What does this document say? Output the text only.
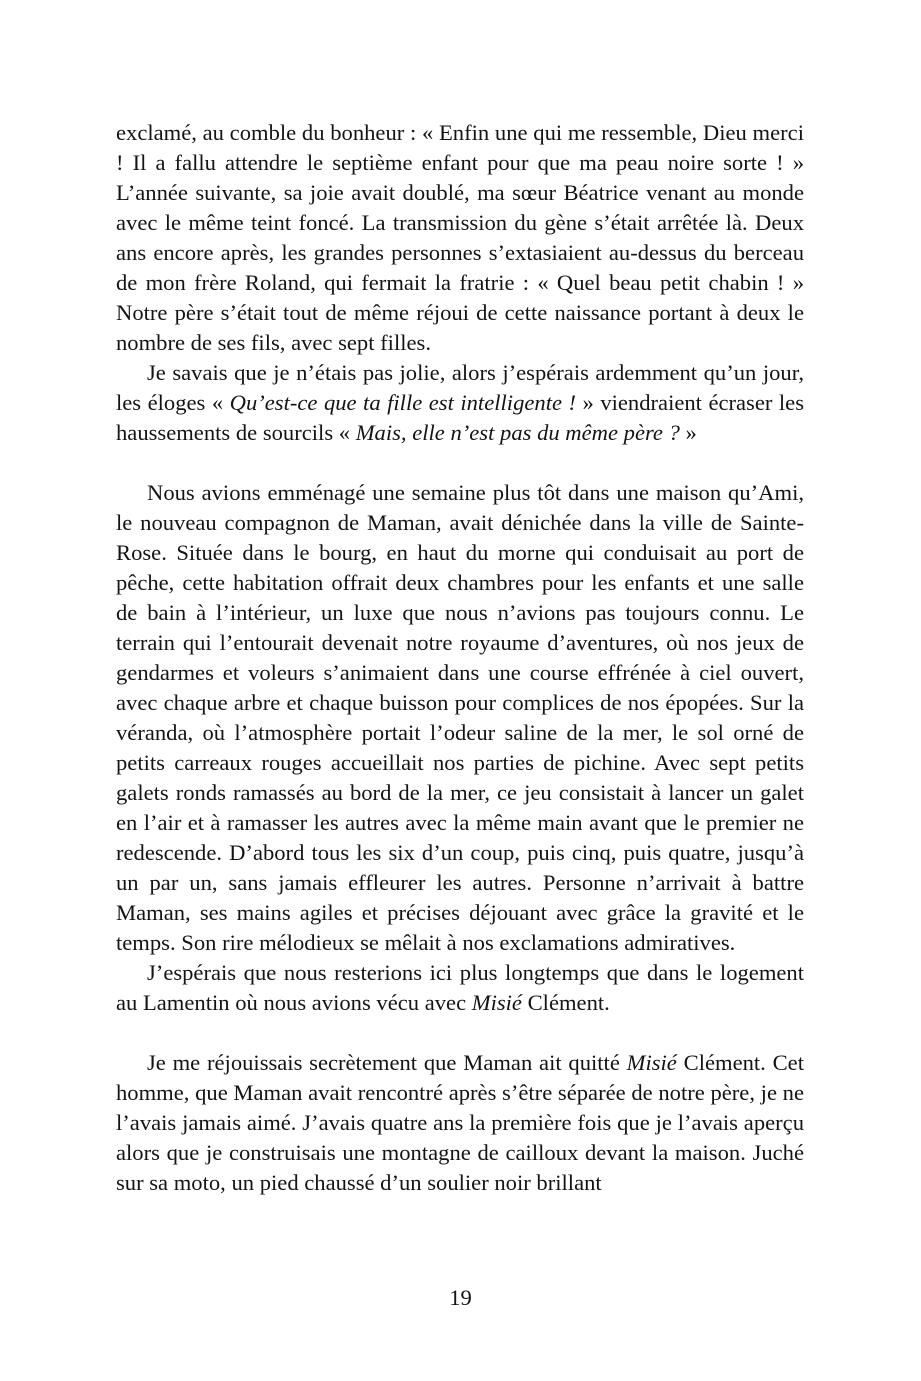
exclamé, au comble du bonheur : « Enfin une qui me ressemble, Dieu merci ! Il a fallu attendre le septième enfant pour que ma peau noire sorte ! » L’année suivante, sa joie avait doublé, ma sœur Béatrice venant au monde avec le même teint foncé. La transmission du gène s’était arrêtée là. Deux ans encore après, les grandes personnes s’extasiaient au-dessus du berceau de mon frère Roland, qui fermait la fratrie : « Quel beau petit chabin ! » Notre père s’était tout de même réjoui de cette naissance portant à deux le nombre de ses fils, avec sept filles.

Je savais que je n’étais pas jolie, alors j’espérais ardemment qu’un jour, les éloges « Qu’est-ce que ta fille est intelligente ! » viendraient écraser les haussements de sourcils « Mais, elle n’est pas du même père ? »

Nous avions emménagé une semaine plus tôt dans une maison qu’Ami, le nouveau compagnon de Maman, avait dénichée dans la ville de Sainte-Rose. Située dans le bourg, en haut du morne qui conduisait au port de pêche, cette habitation offrait deux chambres pour les enfants et une salle de bain à l’intérieur, un luxe que nous n’avions pas toujours connu. Le terrain qui l’entourait devenait notre royaume d’aventures, où nos jeux de gendarmes et voleurs s’animaient dans une course effrénée à ciel ouvert, avec chaque arbre et chaque buisson pour complices de nos épopées. Sur la véranda, où l’atmosphère portait l’odeur saline de la mer, le sol orné de petits carreaux rouges accueillait nos parties de pichine. Avec sept petits galets ronds ramassés au bord de la mer, ce jeu consistait à lancer un galet en l’air et à ramasser les autres avec la même main avant que le premier ne redescende. D’abord tous les six d’un coup, puis cinq, puis quatre, jusqu’à un par un, sans jamais effleurer les autres. Personne n’arrivait à battre Maman, ses mains agiles et précises déjouant avec grâce la gravité et le temps. Son rire mélodieux se mêlait à nos exclamations admiratives.

J’espérais que nous resterions ici plus longtemps que dans le logement au Lamentin où nous avions vécu avec Misié Clément.

Je me réjouissais secrètement que Maman ait quitté Misié Clément. Cet homme, que Maman avait rencontré après s’être séparée de notre père, je ne l’avais jamais aimé. J’avais quatre ans la première fois que je l’avais aperçu alors que je construisais une montagne de cailloux devant la maison. Juché sur sa moto, un pied chaussé d’un soulier noir brillant

19
